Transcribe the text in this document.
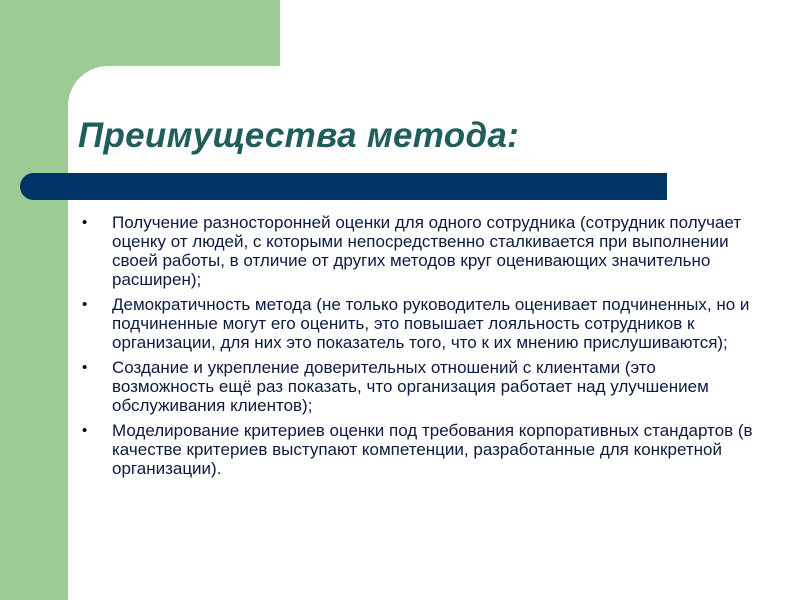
Преимущества метода:
• Получение разносторонней оценки для одного сотрудника (сотрудник получает оценку от людей, с которыми непосредственно сталкивается при выполнении своей работы, в отличие от других методов круг оценивающих значительно расширен);
• Демократичность метода (не только руководитель оценивает подчиненных, но и подчиненные могут его оценить, это повышает лояльность сотрудников к организации, для них это показатель того, что к их мнению прислушиваются);
• Создание и укрепление доверительных отношений с клиентами (это возможность ещё раз показать, что организация работает над улучшением обслуживания клиентов);
• Моделирование критериев оценки под требования корпоративных стандартов (в качестве критериев выступают компетенции, разработанные для конкретной организации).
